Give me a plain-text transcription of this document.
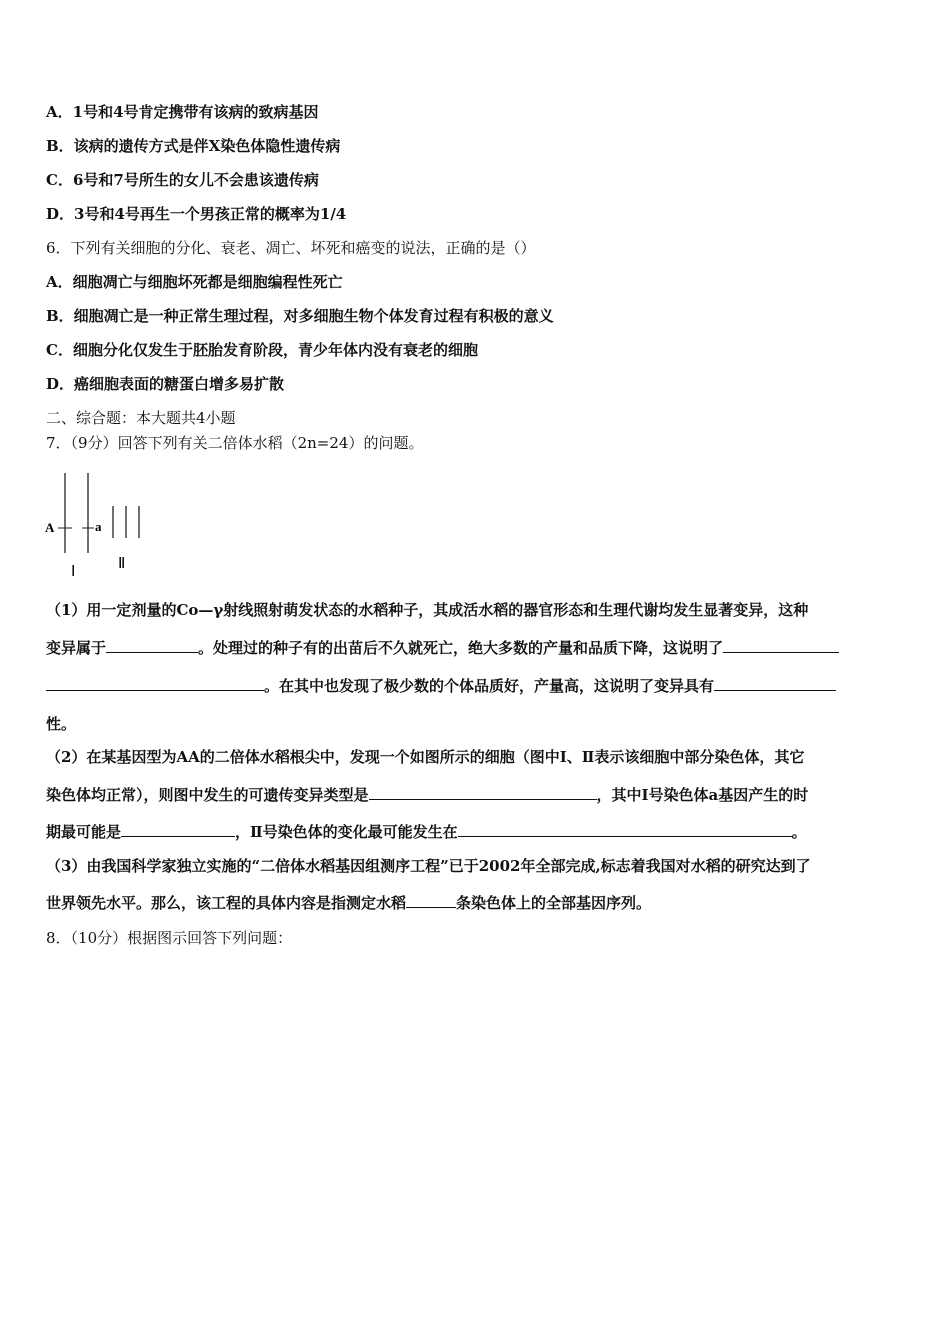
A．1号和4号肯定携带有该病的致病基因
B．该病的遗传方式是伴X染色体隐性遗传病
C．6号和7号所生的女儿不会患该遗传病
D．3号和4号再生一个男孩正常的概率为1/4
6．下列有关细胞的分化、衰老、凋亡、坏死和癌变的说法，正确的是（）
A．细胞凋亡与细胞坏死都是细胞编程性死亡
B．细胞凋亡是一种正常生理过程，对多细胞生物个体发育过程有积极的意义
C．细胞分化仅发生于胚胎发育阶段，青少年体内没有衰老的细胞
D．癌细胞表面的糖蛋白增多易扩散
二、综合题：本大题共4小题
7．（9分）回答下列有关二倍体水稻（2n=24）的问题。
A	a
Ⅰ	Ⅱ
（1）用一定剂量的Co—γ射线照射萌发状态的水稻种子，其成活水稻的器官形态和生理代谢均发生显著变异，这种
变异属于	。处理过的种子有的出苗后不久就死亡，绝大多数的产量和品质下降，这说明了
。在其中也发现了极少数的个体品质好，产量高，这说明了变异具有
性。
（2）在某基因型为AA的二倍体水稻根尖中，发现一个如图所示的细胞（图中Ⅰ、Ⅱ表示该细胞中部分染色体，其它
染色体均正常），则图中发生的可遗传变异类型是	，其中Ⅰ号染色体a基因产生的时
期最可能是	，Ⅱ号染色体的变化最可能发生在	。
（3）由我国科学家独立实施的“二倍体水稻基因组测序工程”已于2002年全部完成,标志着我国对水稻的研究达到了
世界领先水平。那么，该工程的具体内容是指测定水稻	条染色体上的全部基因序列。
8．（10分）根据图示回答下列问题：
